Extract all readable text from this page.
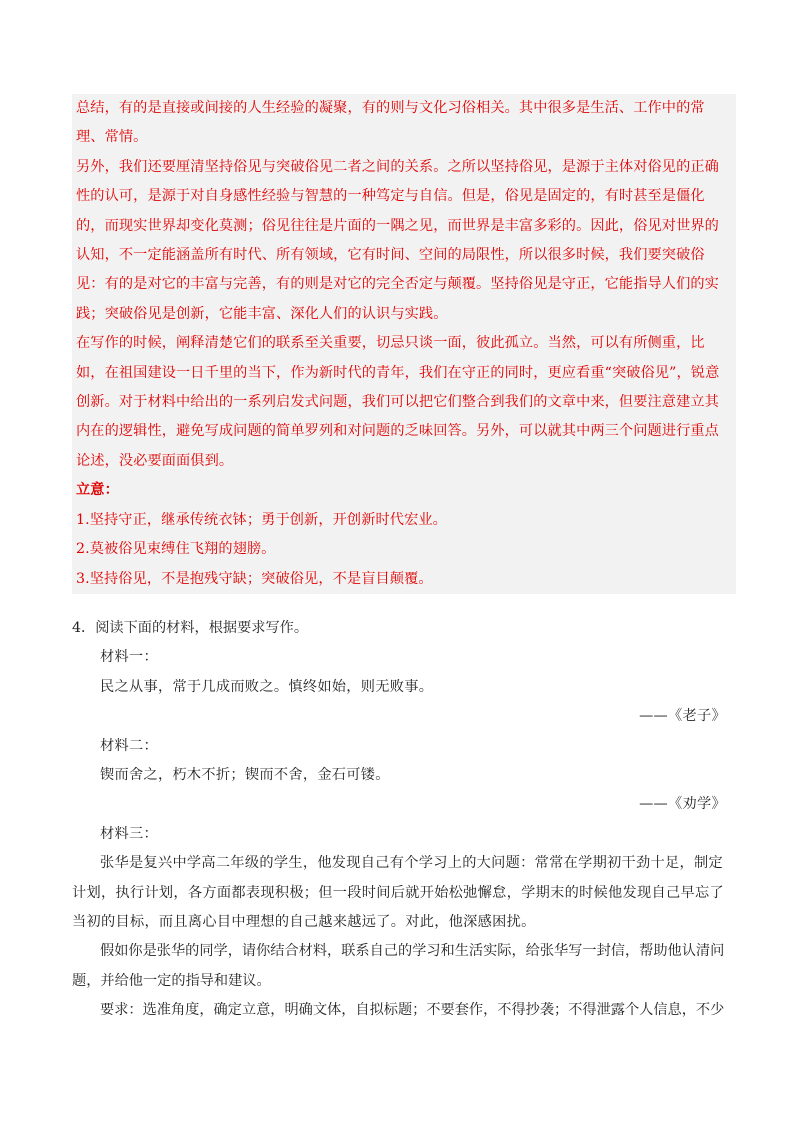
总结，有的是直接或间接的人生经验的凝聚，有的则与文化习俗相关。其中很多是生活、工作中的常理、常情。

另外，我们还要厘清坚持俗见与突破俗见二者之间的关系。之所以坚持俗见，是源于主体对俗见的正确性的认可，是源于对自身感性经验与智慧的一种笃定与自信。但是，俗见是固定的，有时甚至是僵化的，而现实世界却变化莫测；俗见往往是片面的一隅之见，而世界是丰富多彩的。因此，俗见对世界的认知，不一定能涵盖所有时代、所有领域，它有时间、空间的局限性，所以很多时候，我们要突破俗见：有的是对它的丰富与完善，有的则是对它的完全否定与颠覆。坚持俗见是守正，它能指导人们的实践；突破俗见是创新，它能丰富、深化人们的认识与实践。

在写作的时候，阐释清楚它们的联系至关重要，切忌只谈一面，彼此孤立。当然，可以有所侧重，比如，在祖国建设一日千里的当下，作为新时代的青年，我们在守正的同时，更应看重“突破俗见”，锐意创新。对于材料中给出的一系列启发式问题，我们可以把它们整合到我们的文章中来，但要注意建立其内在的逻辑性，避免写成问题的简单罗列和对问题的乏味回答。另外，可以就其中两三个问题进行重点论述，没必要面面俱到。

立意：

1.坚持守正，继承传统衣钵；勇于创新，开创新时代宏业。

2.莫被俗见束缚住飞翔的翅膀。

3.坚持俗见，不是抱残守缺；突破俗见，不是盲目颠覆。

4．阅读下面的材料，根据要求写作。

材料一：

民之从事，常于几成而败之。慎终如始，则无败事。

——《老子》

材料二：

锲而舍之，朽木不折；锲而不舍，金石可镂。

——《劝学》

材料三：

张华是复兴中学高二年级的学生，他发现自己有个学习上的大问题：常常在学期初干劲十足，制定计划，执行计划，各方面都表现积极；但一段时间后就开始松弛懈怠，学期末的时候他发现自己早忘了当初的目标，而且离心目中理想的自己越来越远了。对此，他深感困扰。

假如你是张华的同学，请你结合材料，联系自己的学习和生活实际，给张华写一封信，帮助他认清问题，并给他一定的指导和建议。

要求：选准角度，确定立意，明确文体，自拟标题；不要套作，不得抄袭；不得泄露个人信息，不少
